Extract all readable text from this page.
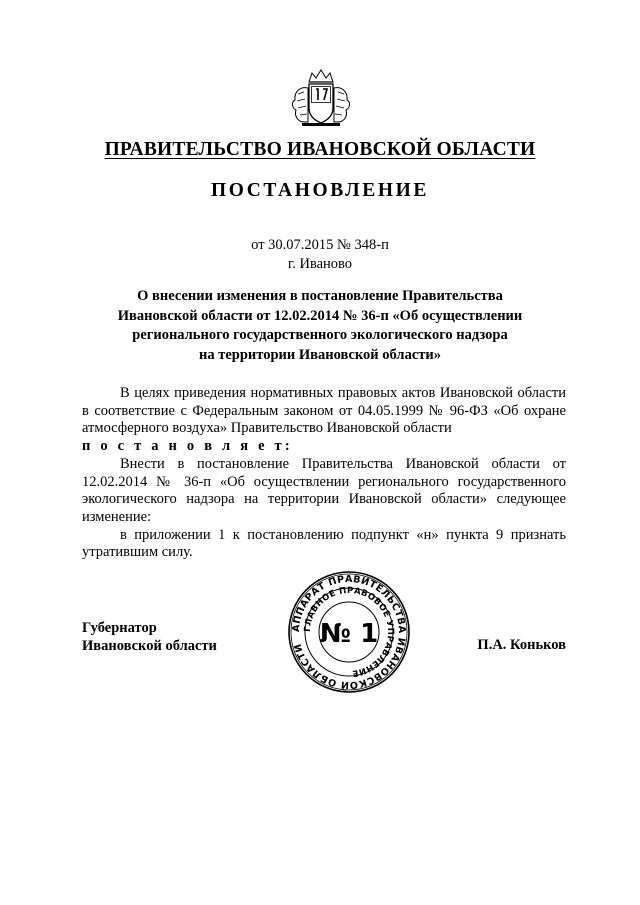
ПРАВИТЕЛЬСТВО ИВАНОВСКОЙ ОБЛАСТИ
ПОСТАНОВЛЕНИЕ
от 30.07.2015 № 348-п
г. Иваново
О внесении изменения в постановление Правительства
Ивановской области от 12.02.2014 № 36-п «Об осуществлении
регионального государственного экологического надзора
на территории Ивановской области»

В целях приведения нормативных правовых актов Ивановской области в соответствие с Федеральным законом от 04.05.1999 № 96-ФЗ «Об охране атмосферного воздуха» Правительство Ивановской области

п о с т а н о в л я е т:

Внести в постановление Правительства Ивановской области от 12.02.2014 № 36-п «Об осуществлении регионального государственного экологического надзора на территории Ивановской области» следующее изменение:

в приложении 1 к постановлению подпункт «н» пункта 9 признать утратившим силу.

Губернатор
Ивановской области
АППАРАТ ПРАВИТЕЛЬСТВА ИВАНОВСКОЙ ОБЛАСТИ
ГЛАВНОЕ ПРАВОВОЕ УПРАВЛЕНИЕ
№ 1	П.А. Коньков
